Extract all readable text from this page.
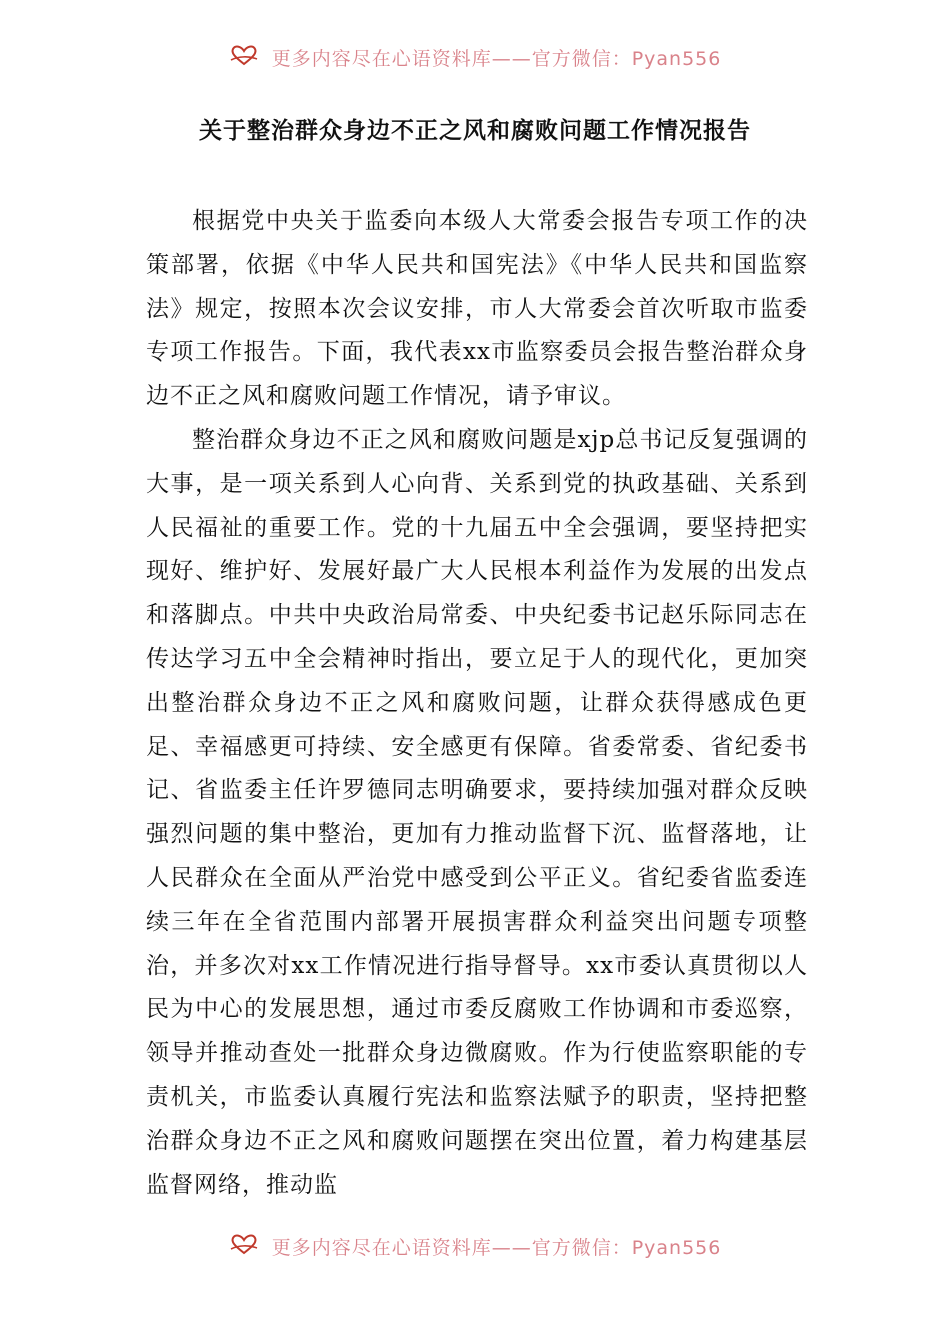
更多内容尽在心语资料库——官方微信：Pyan556
关于整治群众身边不正之风和腐败问题工作情况报告

根据党中央关于监委向本级人大常委会报告专项工作的决策部署，依据《中华人民共和国宪法》《中华人民共和国监察法》规定，按照本次会议安排，市人大常委会首次听取市监委专项工作报告。下面，我代表xx市监察委员会报告整治群众身边不正之风和腐败问题工作情况，请予审议。

整治群众身边不正之风和腐败问题是xjp总书记反复强调的大事，是一项关系到人心向背、关系到党的执政基础、关系到人民福祉的重要工作。党的十九届五中全会强调，要坚持把实现好、维护好、发展好最广大人民根本利益作为发展的出发点和落脚点。中共中央政治局常委、中央纪委书记赵乐际同志在传达学习五中全会精神时指出，要立足于人的现代化，更加突出整治群众身边不正之风和腐败问题，让群众获得感成色更足、幸福感更可持续、安全感更有保障。省委常委、省纪委书记、省监委主任许罗德同志明确要求，要持续加强对群众反映强烈问题的集中整治，更加有力推动监督下沉、监督落地，让人民群众在全面从严治党中感受到公平正义。省纪委省监委连续三年在全省范围内部署开展损害群众利益突出问题专项整治，并多次对xx工作情况进行指导督导。xx市委认真贯彻以人民为中心的发展思想，通过市委反腐败工作协调和市委巡察，领导并推动查处一批群众身边微腐败。作为行使监察职能的专责机关，市监委认真履行宪法和监察法赋予的职责，坚持把整治群众身边不正之风和腐败问题摆在突出位置，着力构建基层监督网络，推动监

更多内容尽在心语资料库——官方微信：Pyan556
